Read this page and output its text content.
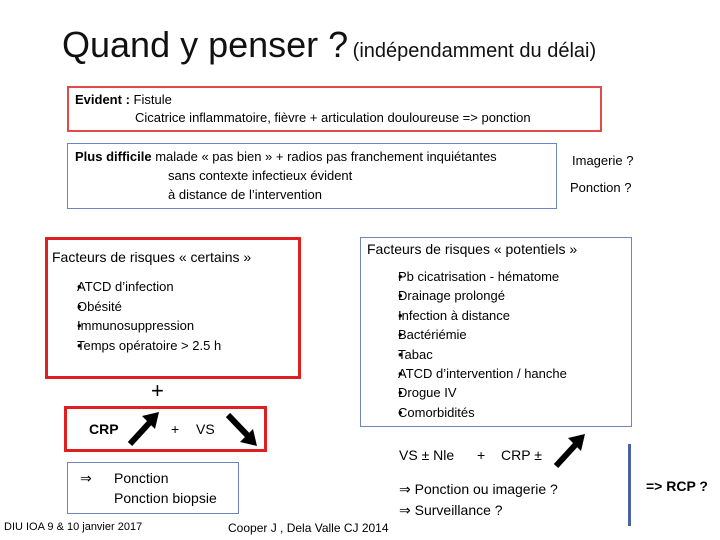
Quand y penser ? (indépendamment du délai)
Evident : Fistule
Cicatrice inflammatoire, fièvre + articulation douloureuse => ponction
Plus difficile malade « pas bien » + radios pas franchement inquiétantes
sans contexte infectieux évident
à distance de l’intervention
Imagerie ?
Ponction ?
Facteurs de risques « certains »
• ATCD d’infection
• Obésité
• Immunosuppression
• Temps opératoire > 2.5 h
+
Facteurs de risques « potentiels »
• Pb cicatrisation - hématome
• Drainage prolongé
• Infection à distance
• Bactériémie
• Tabac
• ATCD d’intervention / hanche
• Drogue IV
• Comorbidités
CRP	+ VS
⇒ Ponction
Ponction biopsie
VS ± Nle + CRP ±
⇒ Ponction ou imagerie ?
⇒ Surveillance ?
=> RCP ?
DIU IOA 9 & 10 janvier 2017	Cooper J , Dela Valle CJ 2014
